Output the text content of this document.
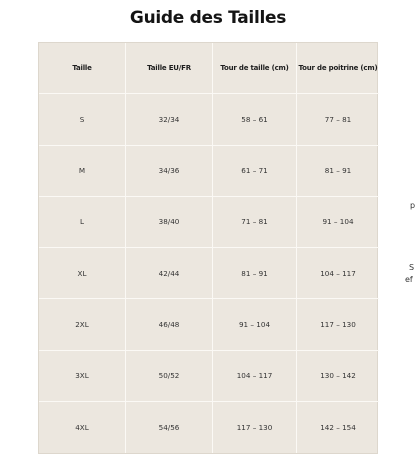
Guide des Tailles
Taille	Taille EU/FR	Tour de taille (cm)	Tour de poitrine (cm)
S	32/34	58 – 61	77 – 81
M	34/36	61 – 71	81 – 91
L	38/40	71 – 81	91 – 104
XL	42/44	81 – 91	104 – 117
2XL	46/48	91 – 104	117 – 130
3XL	50/52	104 – 117	130 – 142
4XL	54/56	117 – 130	142 – 154
p
S
ef
